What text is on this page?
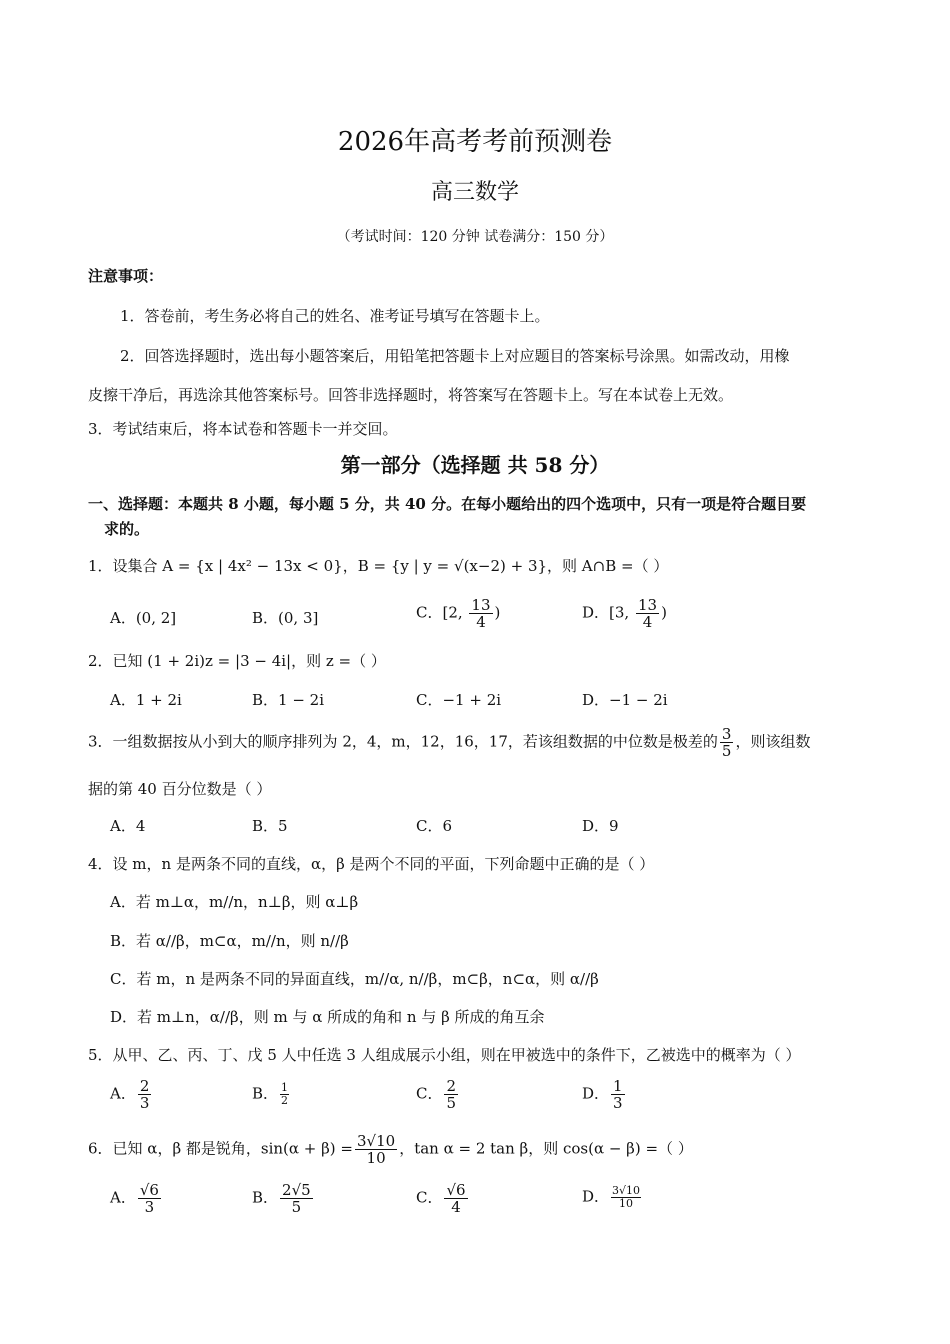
2026年高考考前预测卷
高三数学
（考试时间：120 分钟 试卷满分：150 分）
注意事项：
1．答卷前，考生务必将自己的姓名、准考证号填写在答题卡上。
2．回答选择题时，选出每小题答案后，用铅笔把答题卡上对应题目的答案标号涂黑。如需改动，用橡
皮擦干净后，再选涂其他答案标号。回答非选择题时，将答案写在答题卡上。写在本试卷上无效。
3．考试结束后，将本试卷和答题卡一并交回。
第一部分（选择题 共 58 分）
一、选择题：本题共 8 小题，每小题 5 分，共 40 分。在每小题给出的四个选项中，只有一项是符合题目要
求的。
1．设集合 A = {x | 4x² − 13x < 0}，B = {y | y = √(x−2) + 3}，则 A∩B =（ ）
A．(0, 2]	B．(0, 3]	C．[2, $\frac{13}{4}$ )	D．[3, $\frac{13}{4}$ )
2．已知 (1 + 2i)z = |3 − 4i|，则 z =（ ）
A．1 + 2i	B．1 − 2i	C．−1 + 2i	D．−1 − 2i
3．一组数据按从小到大的顺序排列为 2，4，m，12，16，17，若该组数据的中位数是极差的 $\frac{3}{5}$ ，则该组数
据的第 40 百分位数是（ ）
A．4	B．5	C．6	D．9
4．设 m，n 是两条不同的直线，α，β 是两个不同的平面，下列命题中正确的是（ ）
A．若 m⊥α，m//n，n⊥β，则 α⊥β
B．若 α//β，m⊂α，m//n，则 n//β
C．若 m，n 是两条不同的异面直线，m//α, n//β，m⊂β，n⊂α，则 α//β
D．若 m⊥n，α//β，则 m 与 α 所成的角和 n 与 β 所成的角互余
5．从甲、乙、丙、丁、戊 5 人中任选 3 人组成展示小组，则在甲被选中的条件下，乙被选中的概率为（ ）
A． $\frac{2}{3}$	B． $\frac{1}{2}$	C． $\frac{2}{5}$	D． $\frac{1}{3}$
6．已知 α，β 都是锐角，$\sin(\alpha + \beta) = \frac{3√10}{10}$ ，tan α = 2 tan β，则 cos(α − β) =（ ）
A． $\frac{√6}{3}$	B． $\frac{2√5}{5}$	C． $\frac{√6}{4}$	D． $\frac{3√10}{10}$
